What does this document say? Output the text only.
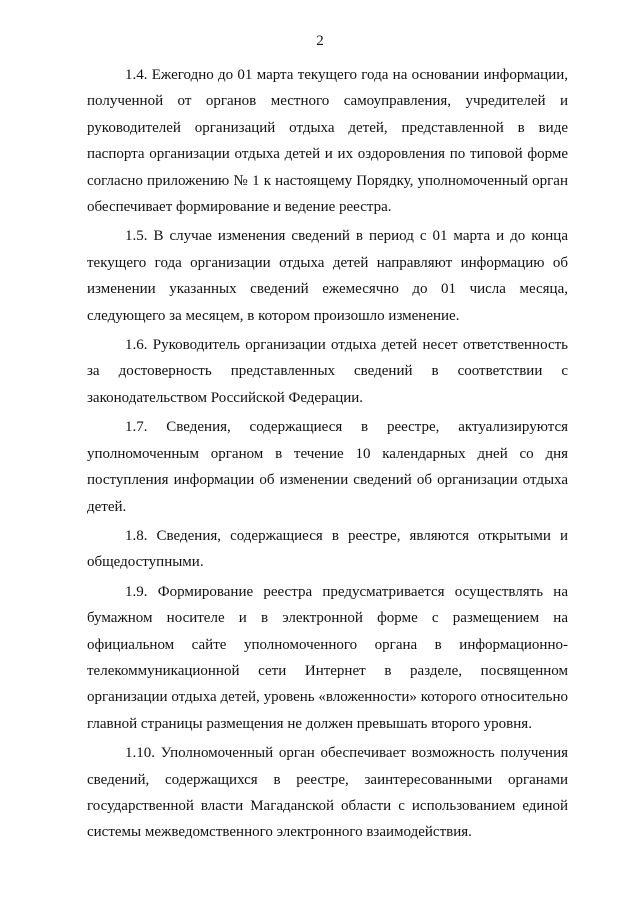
2

1.4. Ежегодно до 01 марта текущего года на основании информации, полученной от органов местного самоуправления, учредителей и руководителей организаций отдыха детей, представленной в виде паспорта организации отдыха детей и их оздоровления по типовой форме согласно приложению № 1 к настоящему Порядку, уполномоченный орган обеспечивает формирование и ведение реестра.

1.5. В случае изменения сведений в период с 01 марта и до конца текущего года организации отдыха детей направляют информацию об изменении указанных сведений ежемесячно до 01 числа месяца, следующего за месяцем, в котором произошло изменение.

1.6. Руководитель организации отдыха детей несет ответственность за достоверность представленных сведений в соответствии с законодательством Российской Федерации.

1.7. Сведения, содержащиеся в реестре, актуализируются уполномоченным органом в течение 10 календарных дней со дня поступления информации об изменении сведений об организации отдыха детей.

1.8. Сведения, содержащиеся в реестре, являются открытыми и общедоступными.

1.9. Формирование реестра предусматривается осуществлять на бумажном носителе и в электронной форме с размещением на официальном сайте уполномоченного органа в информационно-телекоммуникационной сети Интернет в разделе, посвященном организации отдыха детей, уровень «вложенности» которого относительно главной страницы размещения не должен превышать второго уровня.

1.10. Уполномоченный орган обеспечивает возможность получения сведений, содержащихся в реестре, заинтересованными органами государственной власти Магаданской области с использованием единой системы межведомственного электронного взаимодействия.
